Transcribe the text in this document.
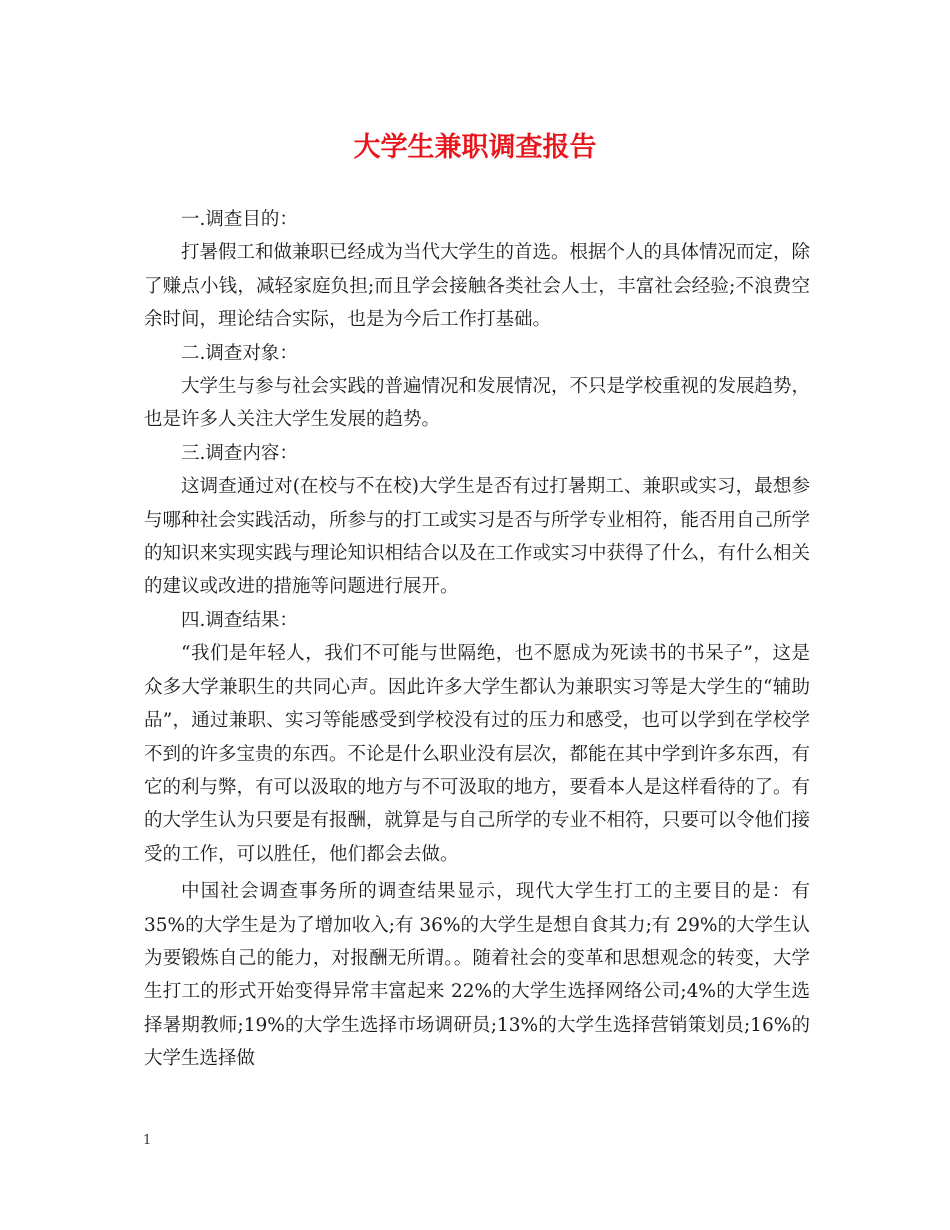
大学生兼职调查报告

一.调查目的：

打暑假工和做兼职已经成为当代大学生的首选。根据个人的具体情况而定，除了赚点小钱，减轻家庭负担;而且学会接触各类社会人士，丰富社会经验;不浪费空余时间，理论结合实际，也是为今后工作打基础。

二.调查对象：

大学生与参与社会实践的普遍情况和发展情况，不只是学校重视的发展趋势，也是许多人关注大学生发展的趋势。

三.调查内容：

这调查通过对(在校与不在校)大学生是否有过打暑期工、兼职或实习，最想参与哪种社会实践活动，所参与的打工或实习是否与所学专业相符，能否用自己所学的知识来实现实践与理论知识相结合以及在工作或实习中获得了什么，有什么相关的建议或改进的措施等问题进行展开。

四.调查结果：

“我们是年轻人，我们不可能与世隔绝，也不愿成为死读书的书呆子”，这是众多大学兼职生的共同心声。因此许多大学生都认为兼职实习等是大学生的“辅助品”，通过兼职、实习等能感受到学校没有过的压力和感受，也可以学到在学校学不到的许多宝贵的东西。不论是什么职业没有层次，都能在其中学到许多东西，有它的利与弊，有可以汲取的地方与不可汲取的地方，要看本人是这样看待的了。有的大学生认为只要是有报酬，就算是与自己所学的专业不相符，只要可以令他们接受的工作，可以胜任，他们都会去做。

中国社会调查事务所的调查结果显示，现代大学生打工的主要目的是：有 35%的大学生是为了增加收入;有 36%的大学生是想自食其力;有 29%的大学生认为要锻炼自己的能力，对报酬无所谓。。随着社会的变革和思想观念的转变，大学生打工的形式开始变得异常丰富起来 22%的大学生选择网络公司;4%的大学生选择暑期教师;19%的大学生选择市场调研员;13%的大学生选择营销策划员;16%的大学生选择做

1
